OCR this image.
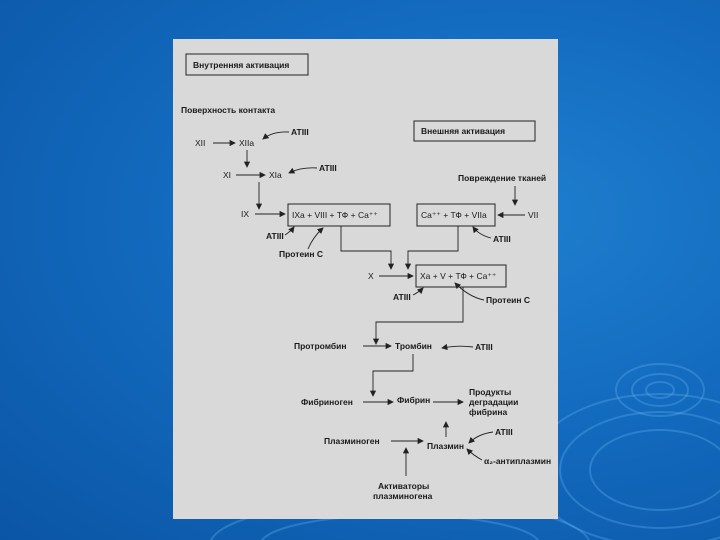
Внутренняя активация
Поверхность контакта
Внешняя активация
XII	XIIa
ATIII
XI	XIa
ATIII
IX	IXa + VIII + ТФ + Ca⁺⁺
ATIII
Протеин С
Повреждение тканей
Ca⁺⁺ + ТФ + VIIa	VII
ATIII
X	Xa + V + ТФ + Ca⁺⁺
ATIII	Протеин С
Протромбин	Тромбин	ATIII
Фибриноген	Фибрин
Продукты
деградации
фибрина
Плазминоген	Плазмин
ATIII
α₂-антиплазмин
Активаторы
плазминогена
